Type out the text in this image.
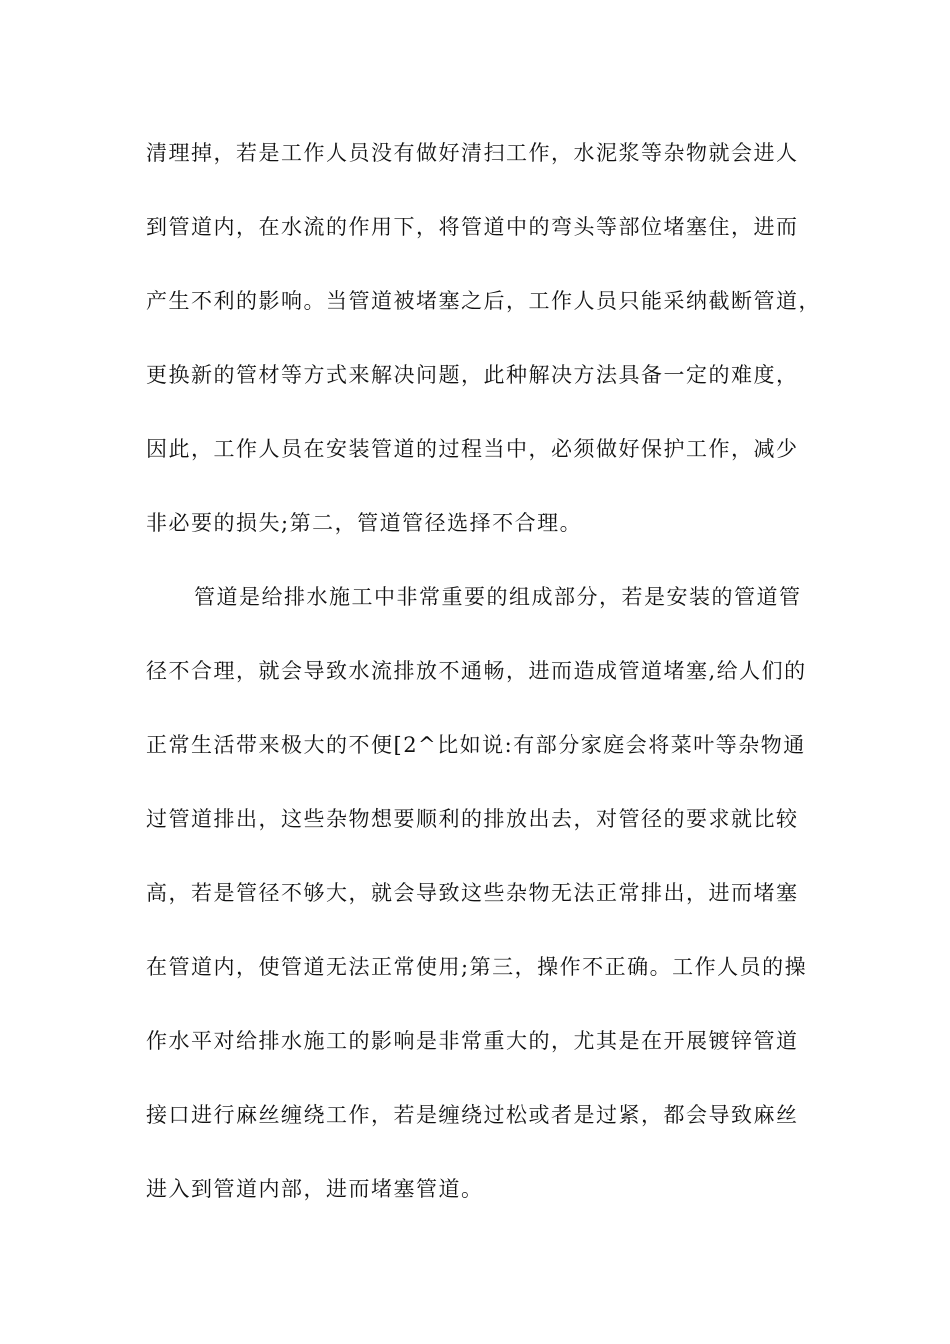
清理掉，若是工作人员没有做好清扫工作，水泥浆等杂物就会进人
到管道内，在水流的作用下，将管道中的弯头等部位堵塞住，进而
产生不利的影响。当管道被堵塞之后，工作人员只能采纳截断管道，
更换新的管材等方式来解决问题，此种解决方法具备一定的难度，
因此，工作人员在安装管道的过程当中，必须做好保护工作，减少
非必要的损失;第二，管道管径选择不合理。
管道是给排水施工中非常重要的组成部分，若是安装的管道管
径不合理，就会导致水流排放不通畅，进而造成管道堵塞,给人们的
正常生活带来极大的不便[2^比如说:有部分家庭会将菜叶等杂物通
过管道排出，这些杂物想要顺利的排放出去，对管径的要求就比较
高，若是管径不够大，就会导致这些杂物无法正常排出，进而堵塞
在管道内，使管道无法正常使用;第三，操作不正确。工作人员的操
作水平对给排水施工的影响是非常重大的，尤其是在开展镀锌管道
接口进行麻丝缠绕工作，若是缠绕过松或者是过紧，都会导致麻丝
进入到管道内部，进而堵塞管道。
